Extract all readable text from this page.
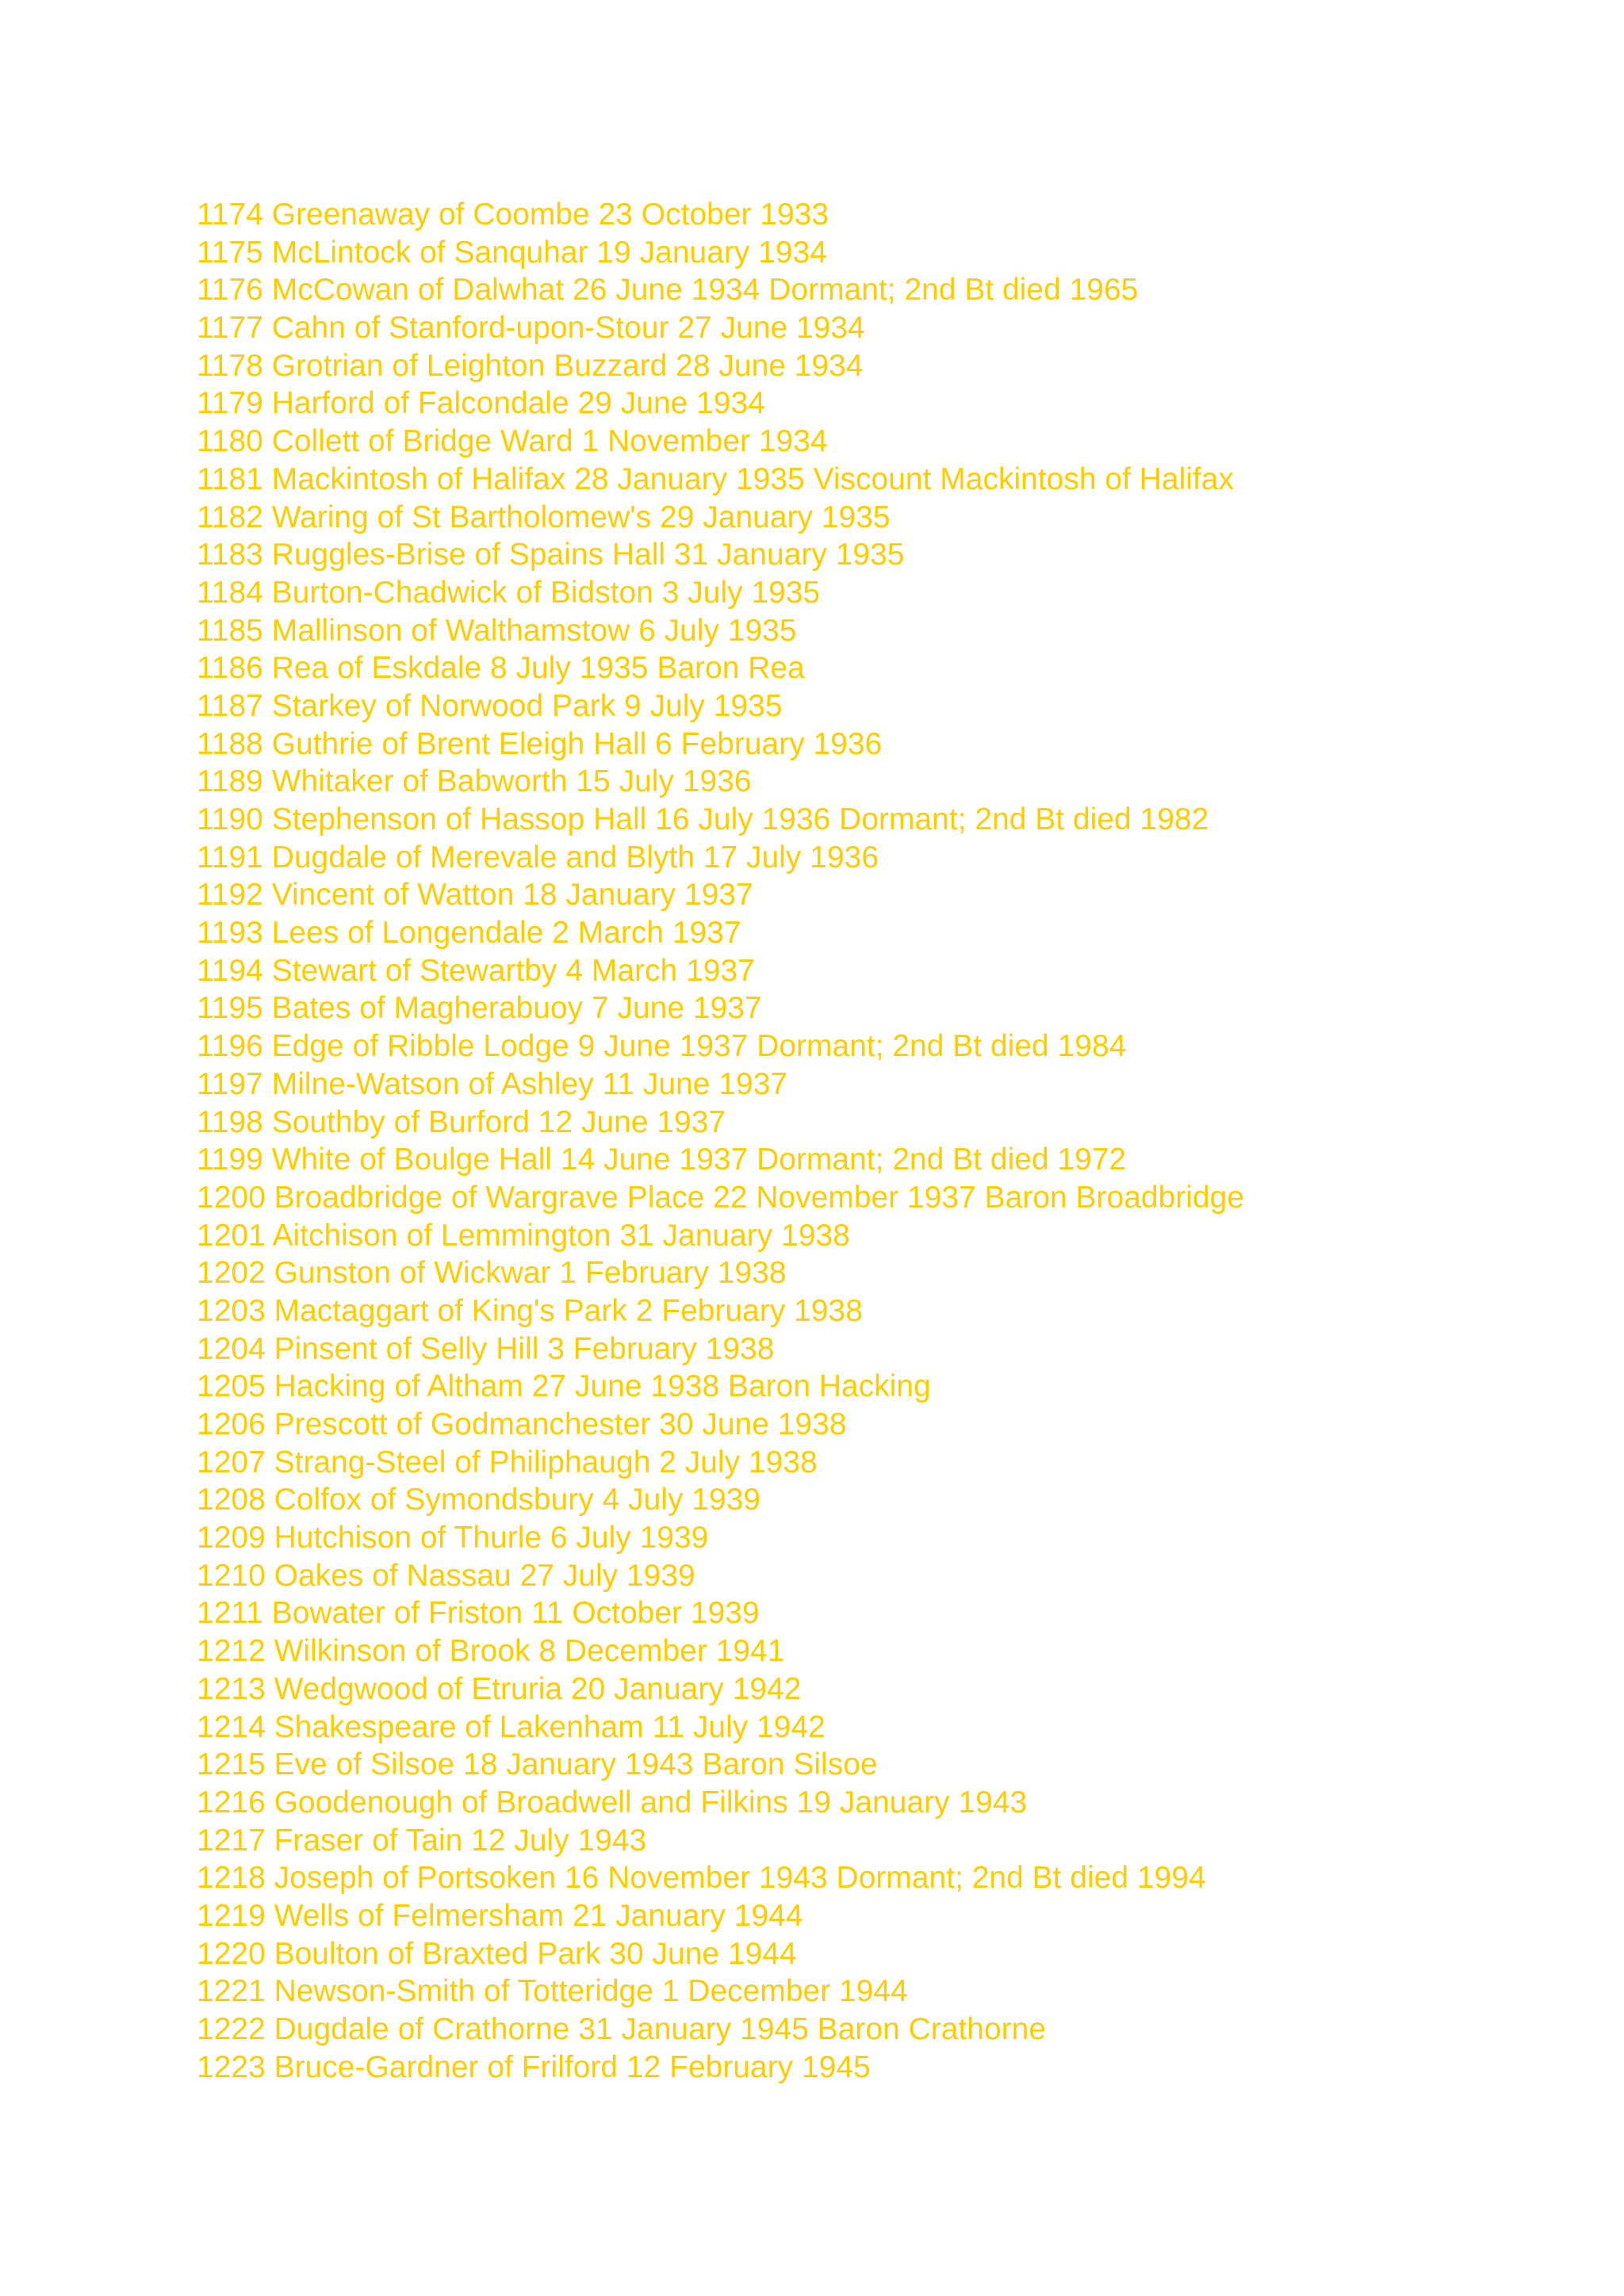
1174 Greenaway of Coombe 23 October 1933
1175 McLintock of Sanquhar 19 January 1934
1176 McCowan of Dalwhat 26 June 1934 Dormant; 2nd Bt died 1965
1177 Cahn of Stanford-upon-Stour 27 June 1934
1178 Grotrian of Leighton Buzzard 28 June 1934
1179 Harford of Falcondale 29 June 1934
1180 Collett of Bridge Ward 1 November 1934
1181 Mackintosh of Halifax 28 January 1935 Viscount Mackintosh of Halifax
1182 Waring of St Bartholomew's 29 January 1935
1183 Ruggles-Brise of Spains Hall 31 January 1935
1184 Burton-Chadwick of Bidston 3 July 1935
1185 Mallinson of Walthamstow 6 July 1935
1186 Rea of Eskdale 8 July 1935 Baron Rea
1187 Starkey of Norwood Park 9 July 1935
1188 Guthrie of Brent Eleigh Hall 6 February 1936
1189 Whitaker of Babworth 15 July 1936
1190 Stephenson of Hassop Hall 16 July 1936 Dormant; 2nd Bt died 1982
1191 Dugdale of Merevale and Blyth 17 July 1936
1192 Vincent of Watton 18 January 1937
1193 Lees of Longendale 2 March 1937
1194 Stewart of Stewartby 4 March 1937
1195 Bates of Magherabuoy 7 June 1937
1196 Edge of Ribble Lodge 9 June 1937 Dormant; 2nd Bt died 1984
1197 Milne-Watson of Ashley 11 June 1937
1198 Southby of Burford 12 June 1937
1199 White of Boulge Hall 14 June 1937 Dormant; 2nd Bt died 1972
1200 Broadbridge of Wargrave Place 22 November 1937 Baron Broadbridge
1201 Aitchison of Lemmington 31 January 1938
1202 Gunston of Wickwar 1 February 1938
1203 Mactaggart of King's Park 2 February 1938
1204 Pinsent of Selly Hill 3 February 1938
1205 Hacking of Altham 27 June 1938 Baron Hacking
1206 Prescott of Godmanchester 30 June 1938
1207 Strang-Steel of Philiphaugh 2 July 1938
1208 Colfox of Symondsbury 4 July 1939
1209 Hutchison of Thurle 6 July 1939
1210 Oakes of Nassau 27 July 1939
1211 Bowater of Friston 11 October 1939
1212 Wilkinson of Brook 8 December 1941
1213 Wedgwood of Etruria 20 January 1942
1214 Shakespeare of Lakenham 11 July 1942
1215 Eve of Silsoe 18 January 1943 Baron Silsoe
1216 Goodenough of Broadwell and Filkins 19 January 1943
1217 Fraser of Tain 12 July 1943
1218 Joseph of Portsoken 16 November 1943 Dormant; 2nd Bt died 1994
1219 Wells of Felmersham 21 January 1944
1220 Boulton of Braxted Park 30 June 1944
1221 Newson-Smith of Totteridge 1 December 1944
1222 Dugdale of Crathorne 31 January 1945 Baron Crathorne
1223 Bruce-Gardner of Frilford 12 February 1945
